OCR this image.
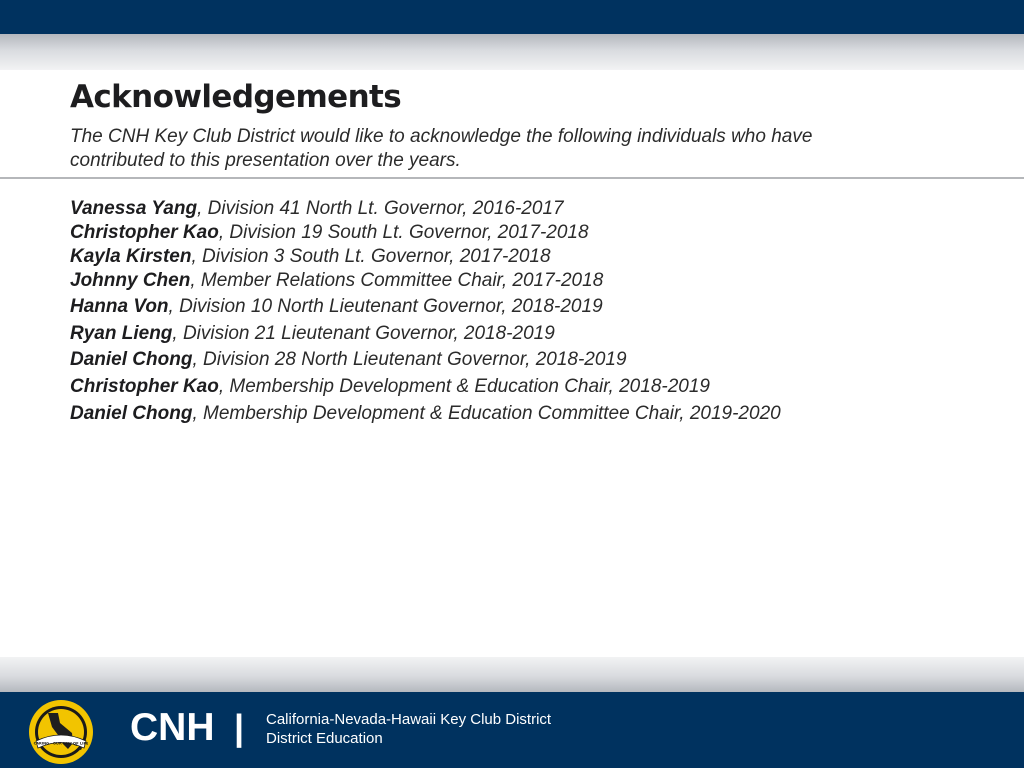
Acknowledgements

The CNH Key Club District would like to acknowledge the following individuals who have
contributed to this presentation over the years.

Vanessa Yang, Division 41 North Lt. Governor, 2016-2017
Christopher Kao, Division 19 South Lt. Governor, 2017-2018
Kayla Kirsten, Division 3 South Lt. Governor, 2017-2018
Johnny Chen, Member Relations Committee Chair, 2017-2018
Hanna Von, Division 10 North Lieutenant Governor, 2018-2019
Ryan Lieng, Division 21 Lieutenant Governor, 2018-2019
Daniel Chong, Division 28 North Lieutenant Governor, 2018-2019
Christopher Kao, Membership Development & Education Chair, 2018-2019
Daniel Chong, Membership Development & Education Committee Chair, 2019-2020
CARING · OUR WAY OF LIFE CNH | California-Nevada-Hawaii Key Club District
District Education
